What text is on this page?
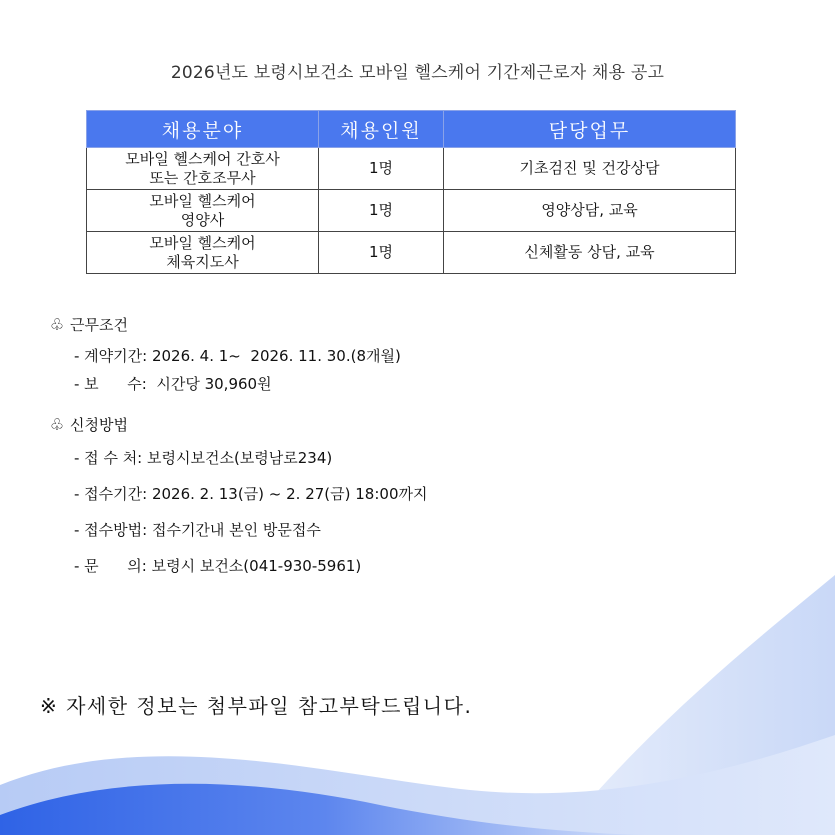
2026년도 보령시보건소 모바일 헬스케어 기간제근로자 채용 공고
채용분야	채용인원	담당업무

모바일 헬스케어 간호사
또는 간호조무사	1명	기초검진 및 건강상담

모바일 헬스케어
영양사	1명	영양상담, 교육

모바일 헬스케어
체육지도사	1명	신체활동 상담, 교육
♧ 근무조건
- 계약기간: 2026. 4. 1~  2026. 11. 30.(8개월)
- 보      수:  시간당 30,960원
♧ 신청방법
- 접 수 처: 보령시보건소(보령남로234)
- 접수기간: 2026. 2. 13(금) ~ 2. 27(금) 18:00까지
- 접수방법: 접수기간내 본인 방문접수
- 문      의: 보령시 보건소(041-930-5961)
※ 자세한 정보는 첨부파일 참고부탁드립니다.
